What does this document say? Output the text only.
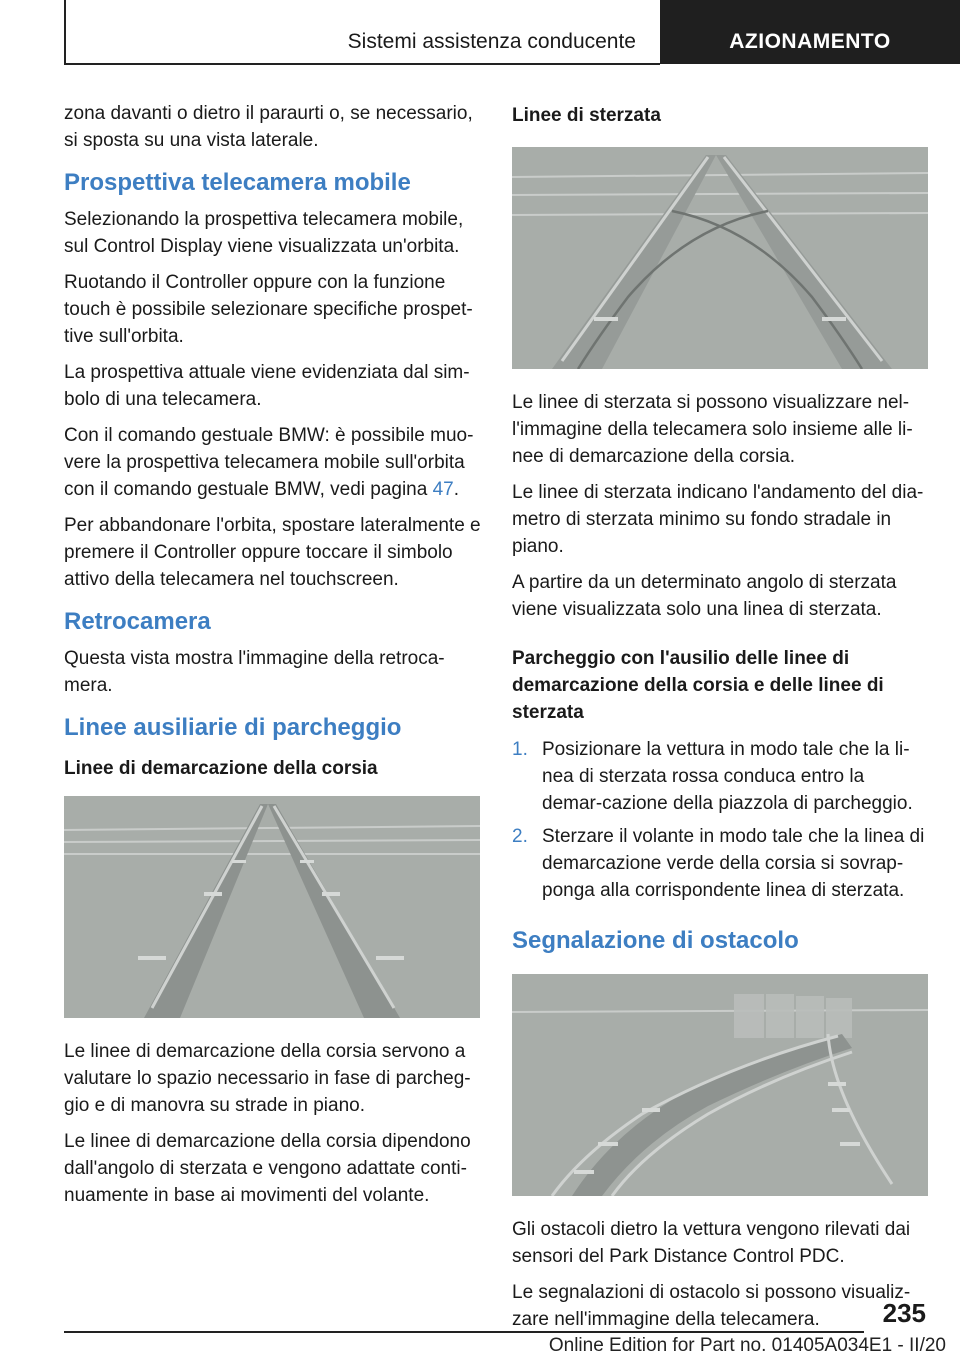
Sistemi assistenza conducente	AZIONAMENTO

zona davanti o dietro il paraurti o, se necessario, si sposta su una vista laterale.

Prospettiva telecamera mobile

Selezionando la prospettiva telecamera mobile, sul Control Display viene visualizzata un'orbita.

Ruotando il Controller oppure con la funzione touch è possibile selezionare specifiche prospet‐tive sull'orbita.

La prospettiva attuale viene evidenziata dal sim‐bolo di una telecamera.

Con il comando gestuale BMW: è possibile muo‐vere la prospettiva telecamera mobile sull'orbita con il comando gestuale BMW, vedi pagina 47.

Per abbandonare l'orbita, spostare lateralmente e premere il Controller oppure toccare il simbolo attivo della telecamera nel touchscreen.

Retrocamera

Questa vista mostra l'immagine della retroca‐mera.

Linee ausiliarie di parcheggio
Linee di demarcazione della corsia

Le linee di demarcazione della corsia servono a valutare lo spazio necessario in fase di parcheg‐gio e di manovra su strade in piano.

Le linee di demarcazione della corsia dipendono dall'angolo di sterzata e vengono adattate conti‐nuamente in base ai movimenti del volante.

Linee di sterzata

Le linee di sterzata si possono visualizzare nel‐l'immagine della telecamera solo insieme alle li‐nee di demarcazione della corsia.

Le linee di sterzata indicano l'andamento del dia‐metro di sterzata minimo su fondo stradale in piano.

A partire da un determinato angolo di sterzata viene visualizzata solo una linea di sterzata.

Parcheggio con l'ausilio delle linee di demarcazione della corsia e delle linee di sterzata
1. Posizionare la vettura in modo tale che la li‐nea di sterzata rossa conduca entro la demar‐cazione della piazzola di parcheggio.
2. Sterzare il volante in modo tale che la linea di demarcazione verde della corsia si sovrap‐ponga alla corrispondente linea di sterzata.
Segnalazione di ostacolo

Gli ostacoli dietro la vettura vengono rilevati dai sensori del Park Distance Control PDC.

Le segnalazioni di ostacolo si possono visualiz‐zare nell'immagine della telecamera.	235
Online Edition for Part no. 01405A034E1 - II/20
